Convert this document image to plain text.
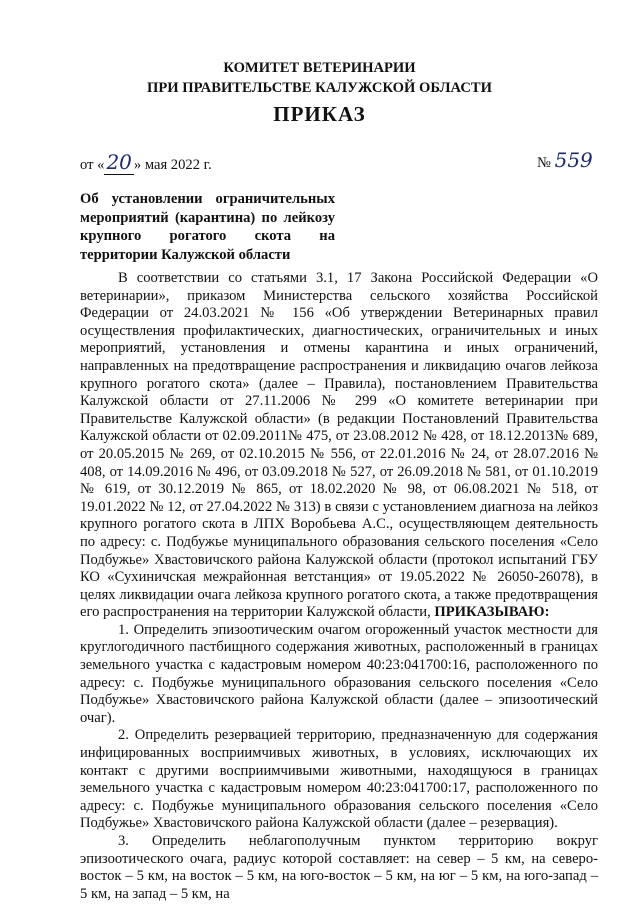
КОМИТЕТ ВЕТЕРИНАРИИ
ПРИ ПРАВИТЕЛЬСТВЕ КАЛУЖСКОЙ ОБЛАСТИ
ПРИКАЗ
от « 20 » мая 2022 г.	№ 559
Об установлении ограничительных мероприятий (карантина) по лейкозу крупного рогатого скота на территории Калужской области

В соответствии со статьями 3.1, 17 Закона Российской Федерации «О ветеринарии», приказом Министерства сельского хозяйства Российской Федерации от 24.03.2021 № 156 «Об утверждении Ветеринарных правил осуществления профилактических, диагностических, ограничительных и иных мероприятий, установления и отмены карантина и иных ограничений, направленных на предотвращение распространения и ликвидацию очагов лейкоза крупного рогатого скота» (далее – Правила), постановлением Правительства Калужской области от 27.11.2006 № 299 «О комитете ветеринарии при Правительстве Калужской области» (в редакции Постановлений Правительства Калужской области от 02.09.2011№ 475, от 23.08.2012 № 428, от 18.12.2013№ 689, от 20.05.2015 № 269, от 02.10.2015 № 556, от 22.01.2016 № 24, от 28.07.2016 № 408, от 14.09.2016 № 496, от 03.09.2018 № 527, от 26.09.2018 № 581, от 01.10.2019 № 619, от 30.12.2019 № 865, от 18.02.2020 № 98, от 06.08.2021 № 518, от 19.01.2022 № 12, от 27.04.2022 № 313) в связи с установлением диагноза на лейкоз крупного рогатого скота в ЛПХ Воробьева А.С., осуществляющем деятельность по адресу: с. Подбужье муниципального образования сельского поселения «Село Подбужье» Хвастовичского района Калужской области (протокол испытаний ГБУ КО «Сухиничская межрайонная ветстанция» от 19.05.2022 № 26050-26078), в целях ликвидации очага лейкоза крупного рогатого скота, а также предотвращения его распространения на территории Калужской области, ПРИКАЗЫВАЮ:

1. Определить эпизоотическим очагом огороженный участок местности для круглогодичного пастбищного содержания животных, расположенный в границах земельного участка с кадастровым номером 40:23:041700:16, расположенного по адресу: с. Подбужье муниципального образования сельского поселения «Село Подбужье» Хвастовичского района Калужской области (далее – эпизоотический очаг).

2. Определить резервацией территорию, предназначенную для содержания инфицированных восприимчивых животных, в условиях, исключающих их контакт с другими восприимчивыми животными, находящуюся в границах земельного участка с кадастровым номером 40:23:041700:17, расположенного по адресу: с. Подбужье муниципального образования сельского поселения «Село Подбужье» Хвастовичского района Калужской области (далее – резервация).

3. Определить неблагополучным пунктом территорию вокруг эпизоотического очага, радиус которой составляет: на север – 5 км, на северо-восток – 5 км, на восток – 5 км, на юго-восток – 5 км, на юг – 5 км, на юго-запад – 5 км, на запад – 5 км, на
